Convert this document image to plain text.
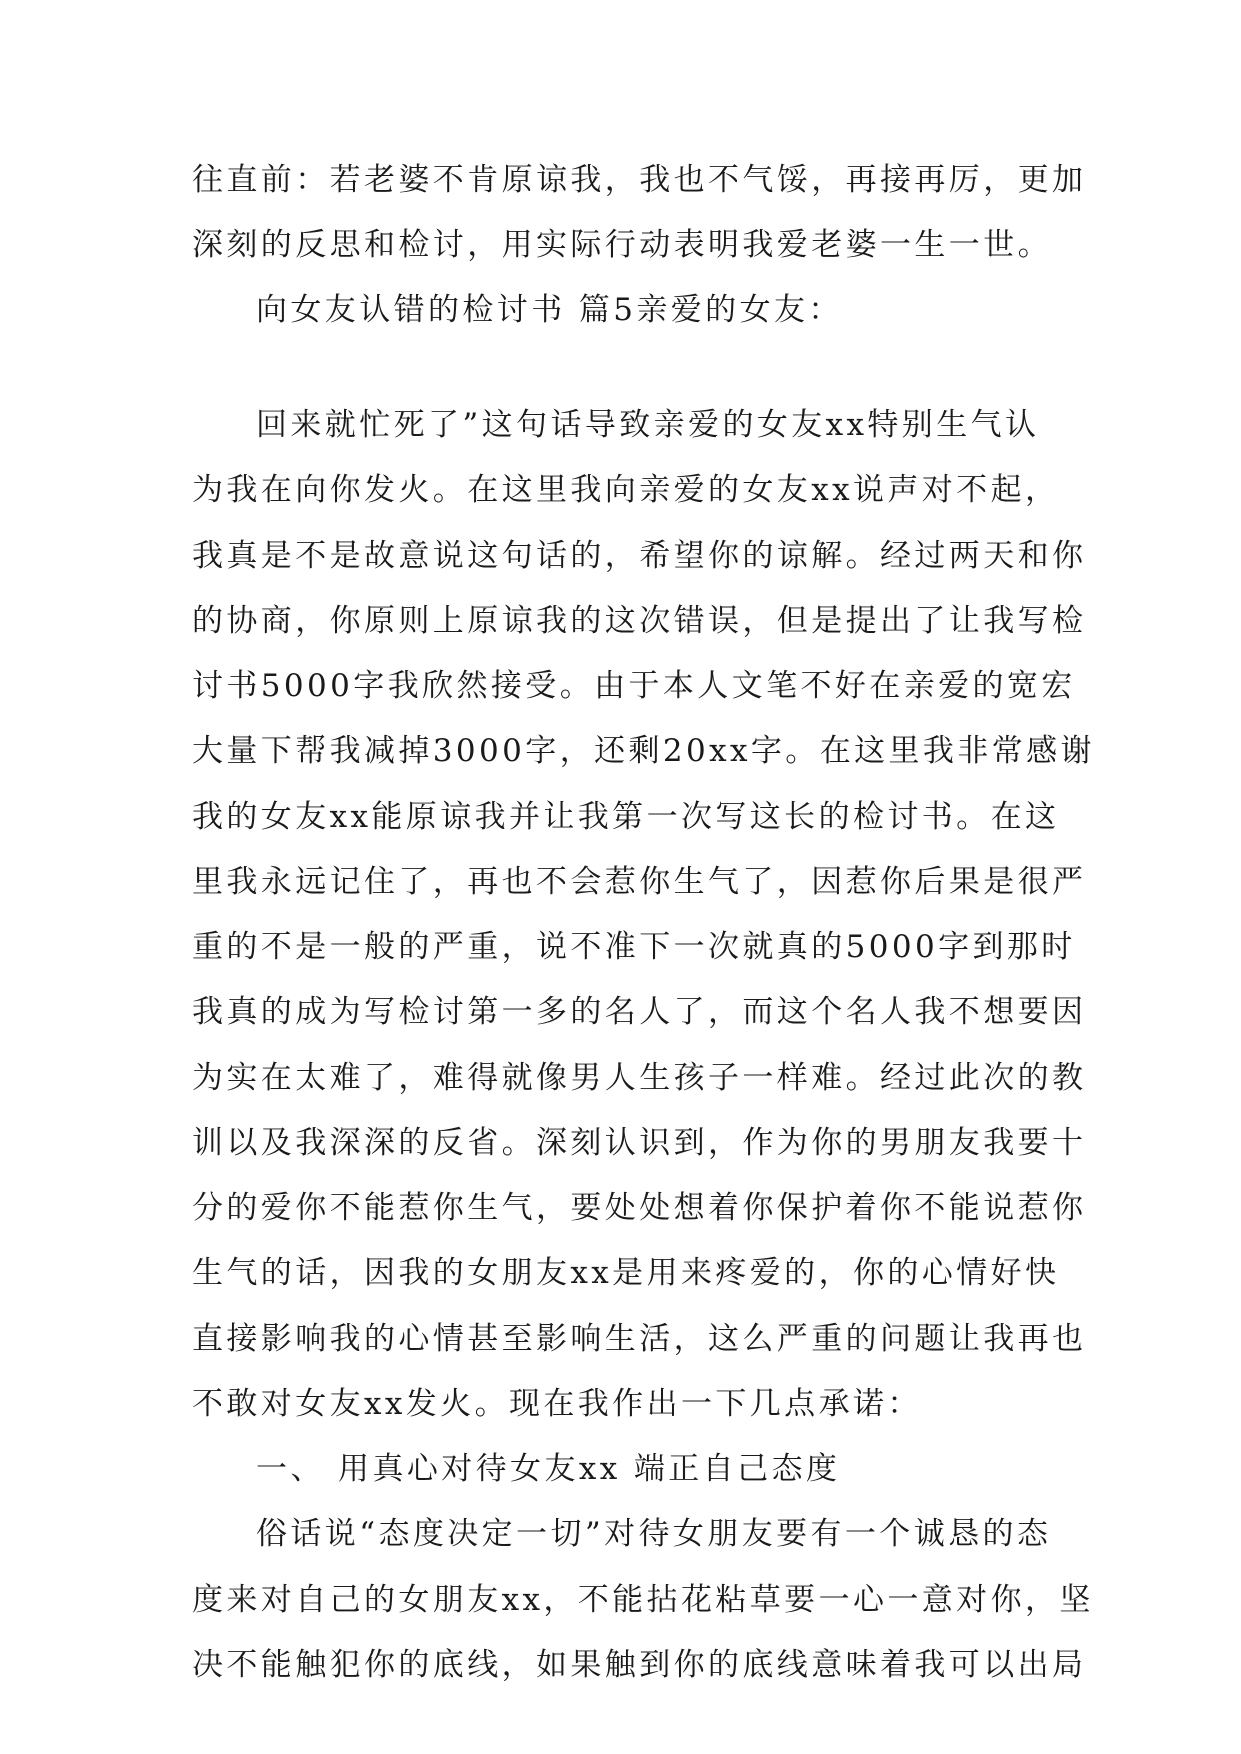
往直前：若老婆不肯原谅我，我也不气馁，再接再厉，更加
深刻的反思和检讨，用实际行动表明我爱老婆一生一世。
向女友认错的检讨书 篇5亲爱的女友：
回来就忙死了”这句话导致亲爱的女友xx特别生气认
为我在向你发火。在这里我向亲爱的女友xx说声对不起，
我真是不是故意说这句话的，希望你的谅解。经过两天和你
的协商，你原则上原谅我的这次错误，但是提出了让我写检
讨书5000字我欣然接受。由于本人文笔不好在亲爱的宽宏
大量下帮我减掉3000字，还剩20xx字。在这里我非常感谢
我的女友xx能原谅我并让我第一次写这长的检讨书。在这
里我永远记住了，再也不会惹你生气了，因惹你后果是很严
重的不是一般的严重，说不准下一次就真的5000字到那时
我真的成为写检讨第一多的名人了，而这个名人我不想要因
为实在太难了，难得就像男人生孩子一样难。经过此次的教
训以及我深深的反省。深刻认识到，作为你的男朋友我要十
分的爱你不能惹你生气，要处处想着你保护着你不能说惹你
生气的话，因我的女朋友xx是用来疼爱的，你的心情好快
直接影响我的心情甚至影响生活，这么严重的问题让我再也
不敢对女友xx发火。现在我作出一下几点承诺：
一、 用真心对待女友xx 端正自己态度
俗话说“态度决定一切”对待女朋友要有一个诚恳的态
度来对自己的女朋友xx，不能拈花粘草要一心一意对你，坚
决不能触犯你的底线，如果触到你的底线意味着我可以出局
